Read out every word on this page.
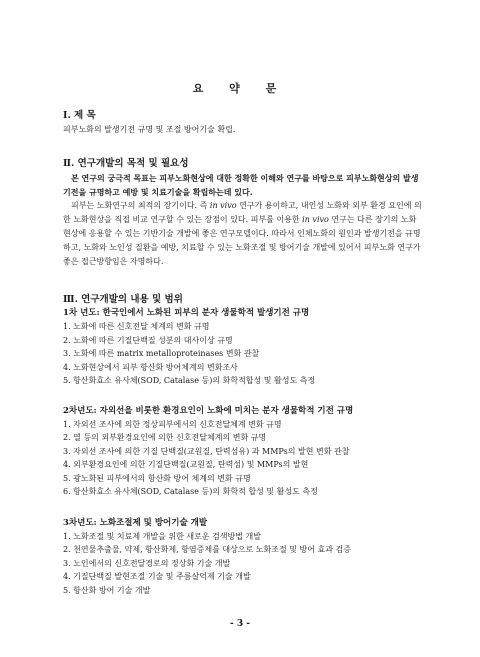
요 약 문
Ⅰ. 제 목
피부노화의 발생기전 규명 및 조절 방어기술 확립.
Ⅱ. 연구개발의 목적 및 필요성
본 연구의 궁극적 목표는 피부노화현상에 대한 정확한 이해와 연구를 바탕으로 피부노화현상의 발생기전을 규명하고 예방 및 치료기술을 확립하는데 있다.
피부는 노화연구의 최적의 장기이다. 즉 in vivo 연구가 용이하고, 내인성 노화와 외부 환경 요인에 의한 노화현상을 직접 비교 연구할 수 있는 장점이 있다. 피부를 이용한 in vivo 연구는 다른 장기의 노화현상에 응용할 수 있는 기반기술 개발에 좋은 연구모델이다. 따라서 인체노화의 원인과 발생기전을 규명하고, 노화와 노인성 질환을 예방, 치료할 수 있는 노화조절 및 방어기술 개발에 있어서 피부노화 연구가 좋은 접근방향임은 자명하다.
Ⅲ. 연구개발의 내용 및 범위
1차 년도: 한국인에서 노화된 피부의 분자 생물학적 발생기전 규명
1. 노화에 따른 신호전달 체계의 변화 규명
2. 노화에 따른 기질단백질 성분의 대사이상 규명
3. 노화에 따른 matrix metalloproteinases 변화 관찰
4. 노화현상에서 피부 항산화 방어체계의 변화조사
5. 항산화효소 유사체(SOD, Catalase 등)의 화학적합성 및 활성도 측정
2차년도: 자외선을 비롯한 환경요인이 노화에 미치는 분자 생물학적 기전 규명
1. 자외선 조사에 의한 정상피부에서의 신호전달체계 변화 규명
2. 열 등의 외부환경요인에 의한 신호전달체계의 변화 규명
3. 자외선 조사에 의한 기질 단백질(교원질, 탄력섬유) 과 MMPs의 발현 변화 관찰
4. 외부환경요인에 의한 기질단백질(교원질, 탄력섬) 및 MMPs의 발현
5. 광노화된 피부에서의 항산화 방어 체계의 변화 규명
6. 항산화효소 유사체(SOD, Catalase 등)의 화학적 합성 및 활성도 측정
3차년도: 노화조절제 및 방어기술 개발
1. 노화조절 및 치료제 개발을 위한 새로운 검색방법 개발
2. 천연물추출물, 약제, 항산화제, 항염증제를 대상으로 노화조절 및 방어 효과 검증
3. 노인에서의 신호전달경로의 정상화 기술 개발
4. 기질단백질 발현조절 기술 및 주름살억제 기술 개발
5. 항산화 방어 기술 개발
- 3 -
